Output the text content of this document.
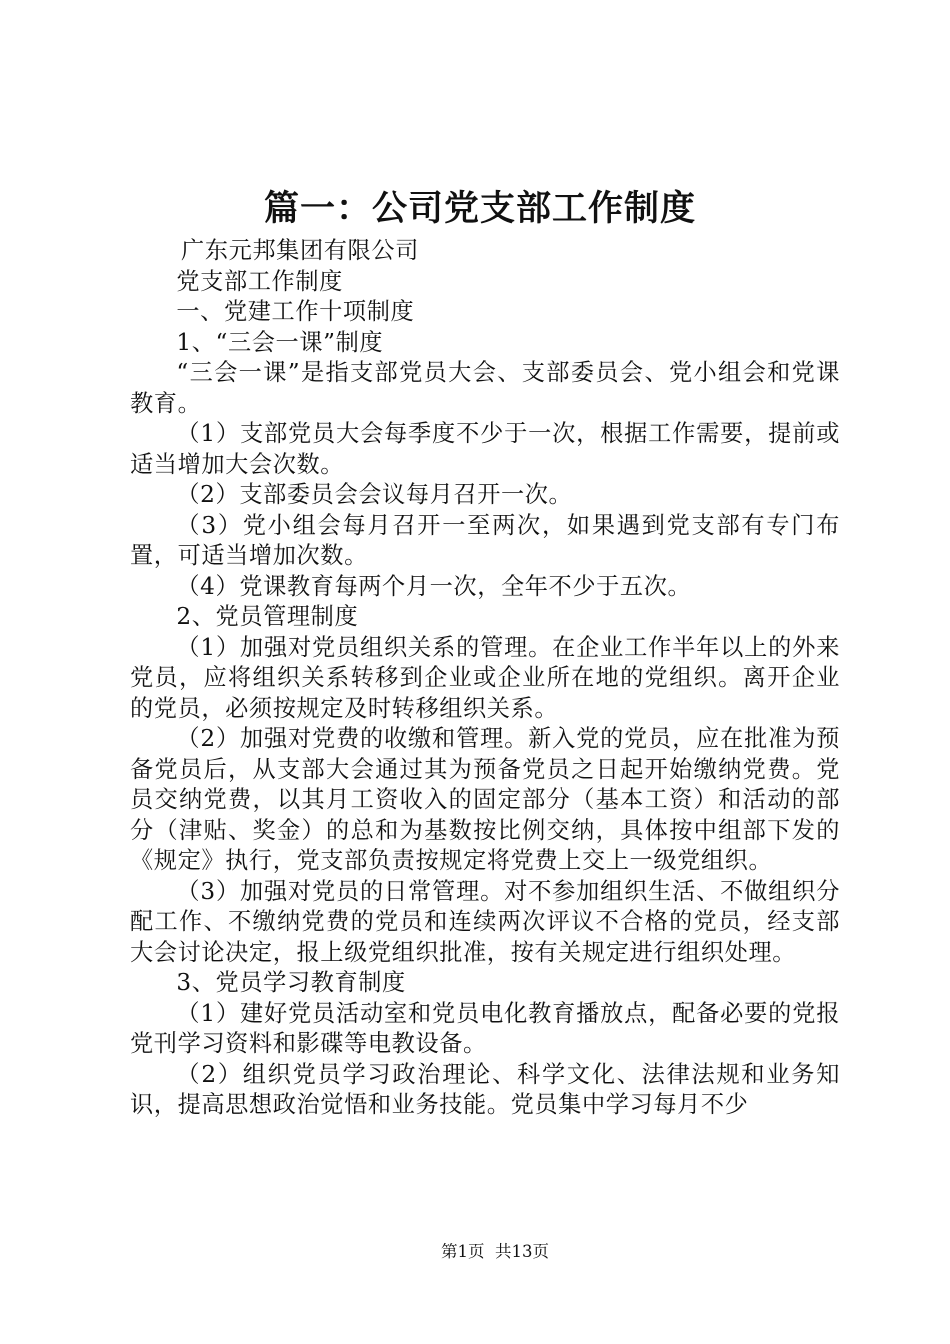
篇一：公司党支部工作制度

广东元邦集团有限公司

党支部工作制度

一、党建工作十项制度

1、“三会一课”制度

“三会一课”是指支部党员大会、支部委员会、党小组会和党课教育。

（1）支部党员大会每季度不少于一次，根据工作需要，提前或适当增加大会次数。

（2）支部委员会会议每月召开一次。

（3）党小组会每月召开一至两次，如果遇到党支部有专门布置，可适当增加次数。

（4）党课教育每两个月一次，全年不少于五次。

2、党员管理制度

（1）加强对党员组织关系的管理。在企业工作半年以上的外来党员，应将组织关系转移到企业或企业所在地的党组织。离开企业的党员，必须按规定及时转移组织关系。

（2）加强对党费的收缴和管理。新入党的党员，应在批准为预备党员后，从支部大会通过其为预备党员之日起开始缴纳党费。党员交纳党费，以其月工资收入的固定部分（基本工资）和活动的部分（津贴、奖金）的总和为基数按比例交纳，具体按中组部下发的《规定》执行，党支部负责按规定将党费上交上一级党组织。

（3）加强对党员的日常管理。对不参加组织生活、不做组织分配工作、不缴纳党费的党员和连续两次评议不合格的党员，经支部大会讨论决定，报上级党组织批准，按有关规定进行组织处理。

3、党员学习教育制度

（1）建好党员活动室和党员电化教育播放点，配备必要的党报党刊学习资料和影碟等电教设备。

（2）组织党员学习政治理论、科学文化、法律法规和业务知识，提高思想政治觉悟和业务技能。党员集中学习每月不少

第1页  共13页
